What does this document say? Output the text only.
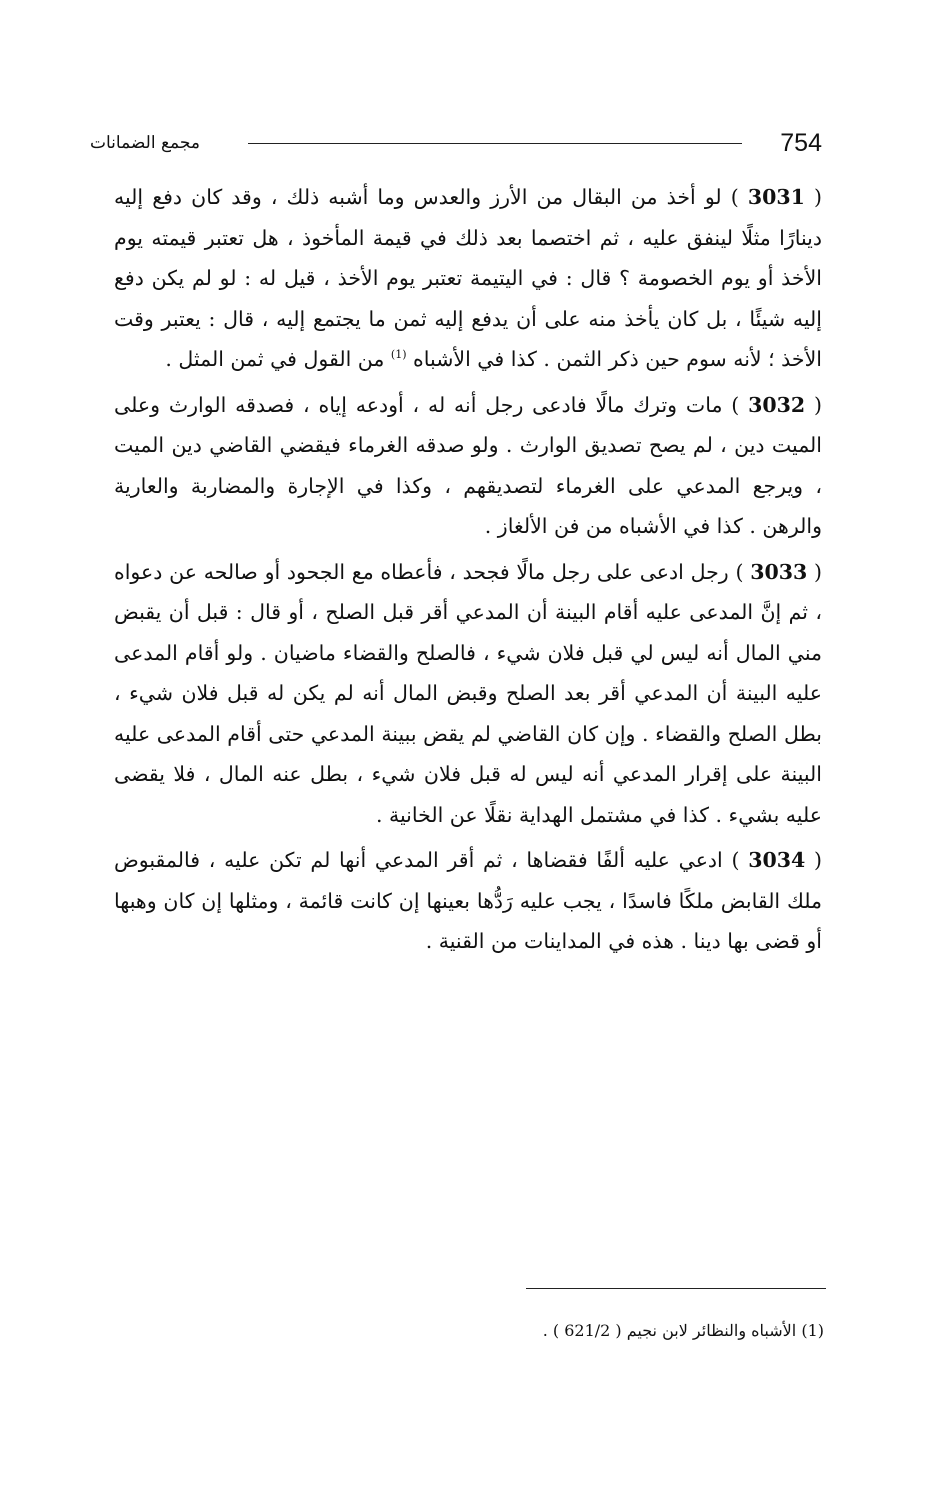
754
مجمع الضمانات

( 3031 ) لو أخذ من البقال من الأرز والعدس وما أشبه ذلك ، وقد كان دفع إليه دينارًا مثلًا لينفق عليه ، ثم اختصما بعد ذلك في قيمة المأخوذ ، هل تعتبر قيمته يوم الأخذ أو يوم الخصومة ؟ قال : في اليتيمة تعتبر يوم الأخذ ، قيل له : لو لم يكن دفع إليه شيئًا ، بل كان يأخذ منه على أن يدفع إليه ثمن ما يجتمع إليه ، قال : يعتبر وقت الأخذ ؛ لأنه سوم حين ذكر الثمن . كذا في الأشباه $^{(1)}$ من القول في ثمن المثل .

( 3032 ) مات وترك مالًا فادعى رجل أنه له ، أودعه إياه ، فصدقه الوارث وعلى الميت دين ، لم يصح تصديق الوارث . ولو صدقه الغرماء فيقضي القاضي دين الميت ، ويرجع المدعي على الغرماء لتصديقهم ، وكذا في الإجارة والمضاربة والعارية والرهن . كذا في الأشباه من فن الألغاز .

( 3033 ) رجل ادعى على رجل مالًا فجحد ، فأعطاه مع الجحود أو صالحه عن دعواه ، ثم إنَّ المدعى عليه أقام البينة أن المدعي أقر قبل الصلح ، أو قال : قبل أن يقبض مني المال أنه ليس لي قبل فلان شيء ، فالصلح والقضاء ماضيان . ولو أقام المدعى عليه البينة أن المدعي أقر بعد الصلح وقبض المال أنه لم يكن له قبل فلان شيء ، بطل الصلح والقضاء . وإن كان القاضي لم يقض ببينة المدعي حتى أقام المدعى عليه البينة على إقرار المدعي أنه ليس له قبل فلان شيء ، بطل عنه المال ، فلا يقضى عليه بشيء . كذا في مشتمل الهداية نقلًا عن الخانية .

( 3034 ) ادعي عليه ألفًا فقضاها ، ثم أقر المدعي أنها لم تكن عليه ، فالمقبوض ملك القابض ملكًا فاسدًا ، يجب عليه رَدُّها بعينها إن كانت قائمة ، ومثلها إن كان وهبها أو قضى بها دينا . هذه في المداينات من القنية .

(1) الأشباه والنظائر لابن نجيم ( 621/2 ) .
